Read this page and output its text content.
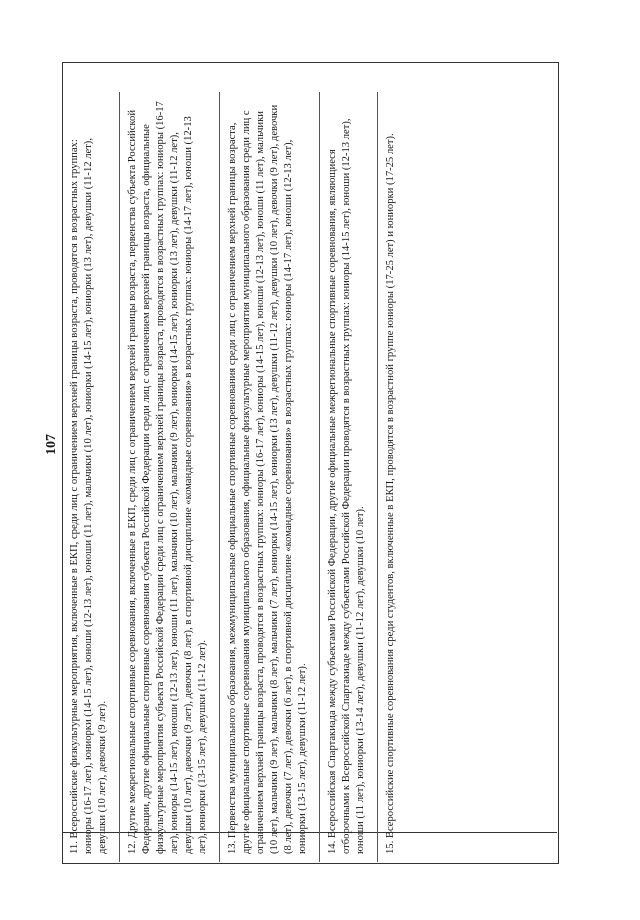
107 11. Всероссийские физкультурные мероприятия, включенные в ЕКП, среди лиц с ограничением верхней границы возраста, проводятся в возрастных группах: юниоры (16-17 лет), юниорки (14-15 лет), юноши (12-13 лет), юноши (11 лет), мальчики (10 лет), юниорки (14-15 лет), юниорки (13 лет), девушки (11-12 лет), девушки (10 лет), девочки (9 лет). 12. Другие межрегиональные спортивные соревнования, включенные в ЕКП, среди лиц с ограничением верхней границы возраста, первенства субъекта Российской Федерации, другие официальные спортивные соревнования субъекта Российской Федерации среди лиц с ограничением верхней границы возраста, официальные физкультурные мероприятия субъекта Российской Федерации среди лиц с ограничением верхней границы возраста, проводятся в возрастных группах: юниоры (16-17 лет), юниоры (14-15 лет), юноши (12-13 лет), юноши (11 лет), мальчики (10 лет), мальчики (9 лет), юниорки (14-15 лет), юниорки (13 лет), девушки (11-12 лет), девушки (10 лет), девочки (9 лет), девочки (8 лет), в спортивной дисциплине «командные соревнования» в возрастных группах: юниоры (14-17 лет), юноши (12-13 лет), юниорки (13-15 лет), девушки (11-12 лет). 13. Первенства муниципального образования, межмуниципальные официальные спортивные соревнования среди лиц с ограничением верхней границы возраста, другие официальные спортивные соревнования муниципального образования, официальные физкультурные мероприятия муниципального образования среди лиц с ограничением верхней границы возраста, проводятся в возрастных группах: юниоры (16-17 лет), юниоры (14-15 лет), юноши (12-13 лет), юноши (11 лет), мальчики (10 лет), мальчики (9 лет), мальчики (8 лет), мальчики (7 лет), юниорки (14-15 лет), юниорки (13 лет), девушки (11-12 лет), девушки (10 лет), девочки (9 лет), девочки (8 лет), девочки (7 лет), девочки (6 лет), в спортивной дисциплине «командные соревнования» в возрастных группах: юниоры (14-17 лет), юноши (12-13 лет), юниорки (13-15 лет), девушки (11-12 лет). 14. Всероссийская Спартакиада между субъектами Российской Федерации, другие официальные межрегиональные спортивные соревнования, являющиеся отборочными к Всероссийской Спартакиаде между субъектами Российской Федерации проводятся в возрастных группах: юниоры (14-15 лет), юноши (12-13 лет), юноши (11 лет), юниорки (13-14 лет), девушки (11-12 лет), девушки (10 лет). 15. Всероссийские спортивные соревнования среди студентов, включенные в ЕКП, проводятся в возрастной группе юниоры (17-25 лет) и юниорки (17-25 лет).
